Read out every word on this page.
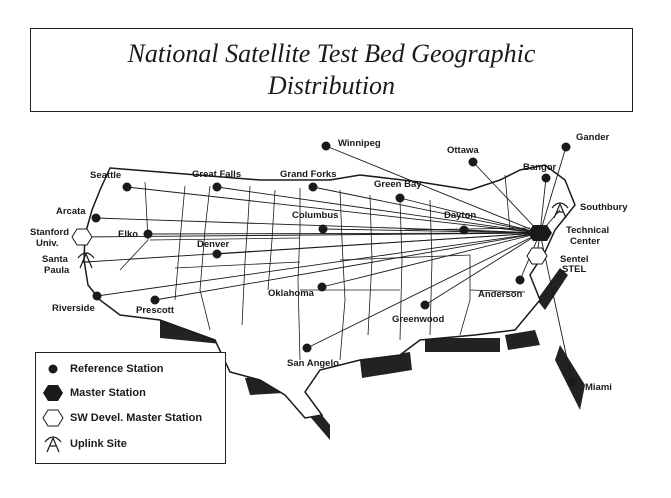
National Satellite Test Bed Geographic
Distribution
Winnipeg
Gander
Ottawa
Bangor
Seattle	Great Falls	Grand Forks
Green Bay
Southbury
Arcata	Columbus	Dayton
Technical
Center
Stanford
Univ.
Elko
Denver
Santa
Paula
Sentel
STEL
Anderson
Oklahoma
Riverside	Prescott
Greenwood
San Angelo
Miami
Reference Station
Master Station
SW Devel. Master Station
Uplink Site
